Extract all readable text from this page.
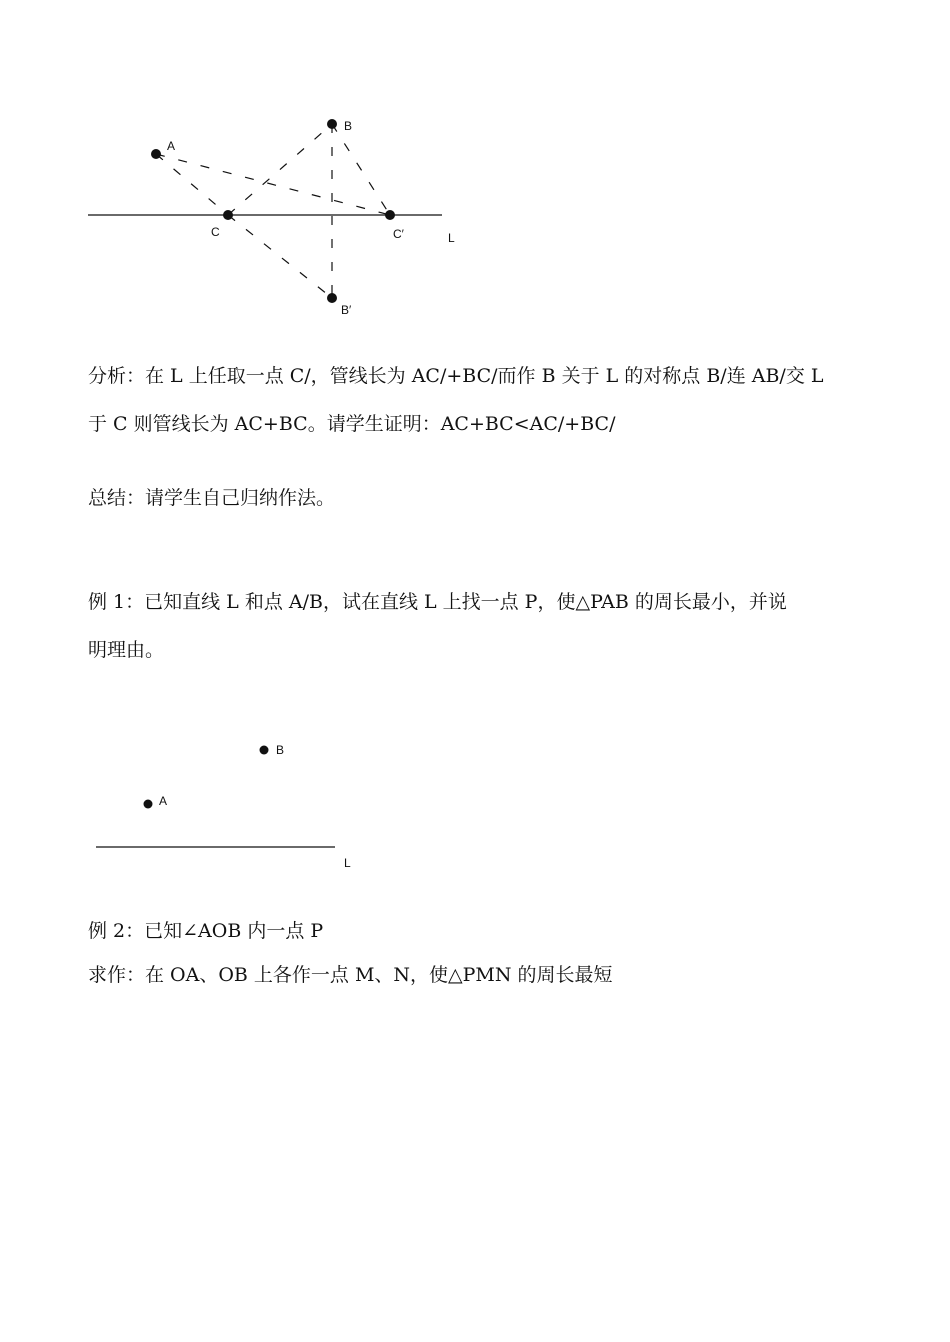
A
B
C	C′	L
B′
分析：在 L 上任取一点 C/，管线长为 AC/+BC/而作 B 关于 L 的对称点 B/连 AB/交 L
于 C 则管线长为 AC+BC。请学生证明：AC+BC<AC/+BC/
总结：请学生自己归纳作法。
例 1：已知直线 L 和点 A/B，试在直线 L 上找一点 P，使△PAB 的周长最小，并说
明理由。
B
A
L
例 2：已知∠AOB 内一点 P
求作：在 OA、OB 上各作一点 M、N，使△PMN 的周长最短
